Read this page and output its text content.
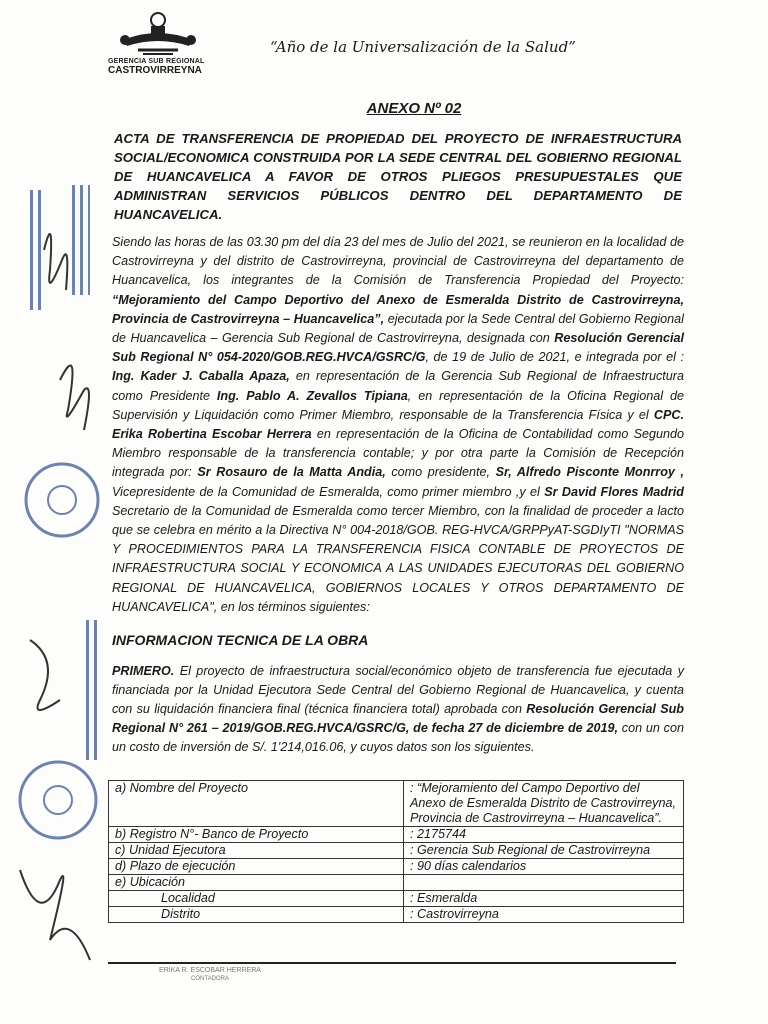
GERENCIA SUB REGIONAL
CASTROVIRREYNA
“Año de la Universalización de la Salud”
ANEXO Nº 02
ACTA DE TRANSFERENCIA DE PROPIEDAD DEL PROYECTO DE INFRAESTRUCTURA SOCIAL/ECONOMICA CONSTRUIDA POR LA SEDE CENTRAL DEL GOBIERNO REGIONAL DE HUANCAVELICA A FAVOR DE OTROS PLIEGOS PRESUPUESTALES QUE ADMINISTRAN SERVICIOS PÚBLICOS DENTRO DEL DEPARTAMENTO DE HUANCAVELICA.
Siendo las horas de las 03.30 pm del día 23 del mes de Julio del 2021, se reunieron en la localidad de Castrovirreyna y del distrito de Castrovirreyna, provincial de Castrovirreyna del departamento de Huancavelica, los integrantes de la Comisión de Transferencia Propiedad del Proyecto: “Mejoramiento del Campo Deportivo del Anexo de Esmeralda Distrito de Castrovirreyna, Provincia de Castrovirreyna – Huancavelica”, ejecutada por la Sede Central del Gobierno Regional de Huancavelica – Gerencia Sub Regional de Castrovirreyna, designada con Resolución Gerencial Sub Regional N° 054-2020/GOB.REG.HVCA/GSRC/G, de 19 de Julio de 2021, e integrada por el : Ing. Kader J. Caballa Apaza, en representación de la Gerencia Sub Regional de Infraestructura como Presidente Ing. Pablo A. Zevallos Tipiana, en representación de la Oficina Regional de Supervisión y Liquidación como Primer Miembro, responsable de la Transferencia Física y el CPC. Erika Robertina Escobar Herrera en representación de la Oficina de Contabilidad como Segundo Miembro responsable de la transferencia contable; y por otra parte la Comisión de Recepción integrada por: Sr Rosauro de la Matta Andia, como presidente, Sr, Alfredo Pisconte Monrroy , Vicepresidente de la Comunidad de Esmeralda, como primer miembro ,y el Sr David Flores Madrid Secretario de la Comunidad de Esmeralda como tercer Miembro, con la finalidad de proceder a lacto que se celebra en mérito a la Directiva N° 004-2018/GOB. REG-HVCA/GRPPyAT-SGDIyTI "NORMAS Y PROCEDIMIENTOS PARA LA TRANSFERENCIA FISICA CONTABLE DE PROYECTOS DE INFRAESTRUCTURA SOCIAL Y ECONOMICA A LAS UNIDADES EJECUTORAS DEL GOBIERNO REGIONAL DE HUANCAVELICA, GOBIERNOS LOCALES Y OTROS DEPARTAMENTO DE HUANCAVELICA", en los términos siguientes:
INFORMACION TECNICA DE LA OBRA
PRIMERO. El proyecto de infraestructura social/económico objeto de transferencia fue ejecutada y financiada por la Unidad Ejecutora Sede Central del Gobierno Regional de Huancavelica, y cuenta con su liquidación financiera final (técnica financiera total) aprobada con Resolución Gerencial Sub Regional N° 261 – 2019/GOB.REG.HVCA/GSRC/G, de fecha 27 de diciembre de 2019, con un con un costo de inversión de S/. 1'214,016.06, y cuyos datos son los siguientes.
a) Nombre del Proyecto	: “Mejoramiento del Campo Deportivo del Anexo de Esmeralda Distrito de Castrovirreyna, Provincia de Castrovirreyna – Huancavelica”.
b) Registro N°- Banco de Proyecto	: 2175744
c) Unidad Ejecutora	: Gerencia Sub Regional de Castrovirreyna
d) Plazo de ejecución	: 90 días calendarios
e) Ubicación	
Localidad	: Esmeralda
Distrito	: Castrovirreyna
ERIKA R. ESCOBAR HERRERA
CONTADORA
